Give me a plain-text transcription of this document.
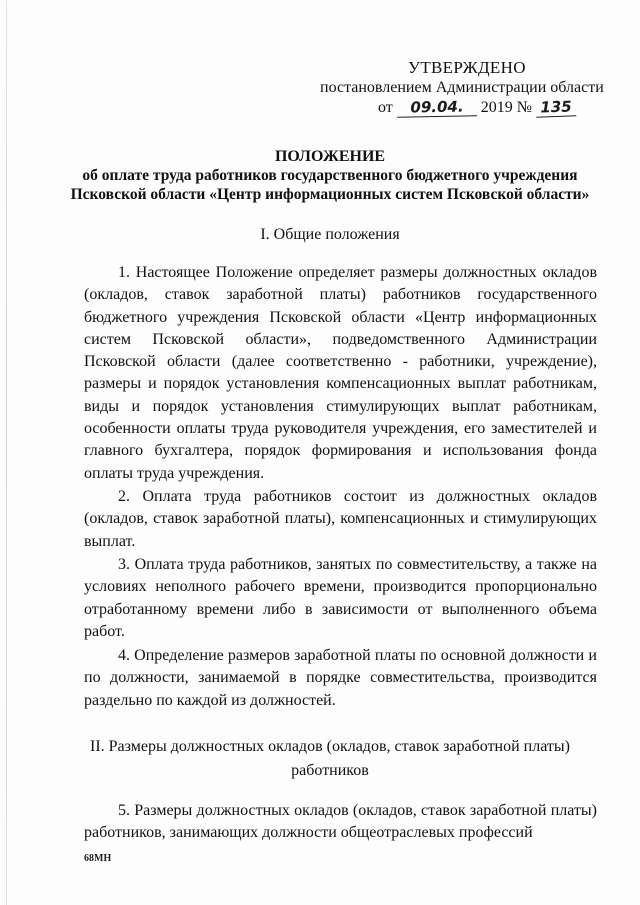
УТВЕРЖДЕНО
постановлением Администрации области
от 09.04. 2019 № 135
ПОЛОЖЕНИЕ
об оплате труда работников государственного бюджетного учреждения
Псковской области «Центр информационных систем Псковской области»
I. Общие положения

1. Настоящее Положение определяет размеры должностных окладов (окладов, ставок заработной платы) работников государственного бюджетного учреждения Псковской области «Центр информационных систем Псковской области», подведомственного Администрации Псковской области (далее соответственно - работники, учреждение), размеры и порядок установления компенсационных выплат работникам, виды и порядок установления стимулирующих выплат работникам, особенности оплаты труда руководителя учреждения, его заместителей и главного бухгалтера, порядок формирования и использования фонда оплаты труда учреждения.

2. Оплата труда работников состоит из должностных окладов (окладов, ставок заработной платы), компенсационных и стимулирующих выплат.

3. Оплата труда работников, занятых по совместительству, а также на условиях неполного рабочего времени, производится пропорционально отработанному времени либо в зависимости от выполненного объема работ.

4. Определение размеров заработной платы по основной должности и по должности, занимаемой в порядке совместительства, производится раздельно по каждой из должностей.

II. Размеры должностных окладов (окладов, ставок заработной платы)
работников

5. Размеры должностных окладов (окладов, ставок заработной платы) работников, занимающих должности общеотраслевых профессий

68МН
